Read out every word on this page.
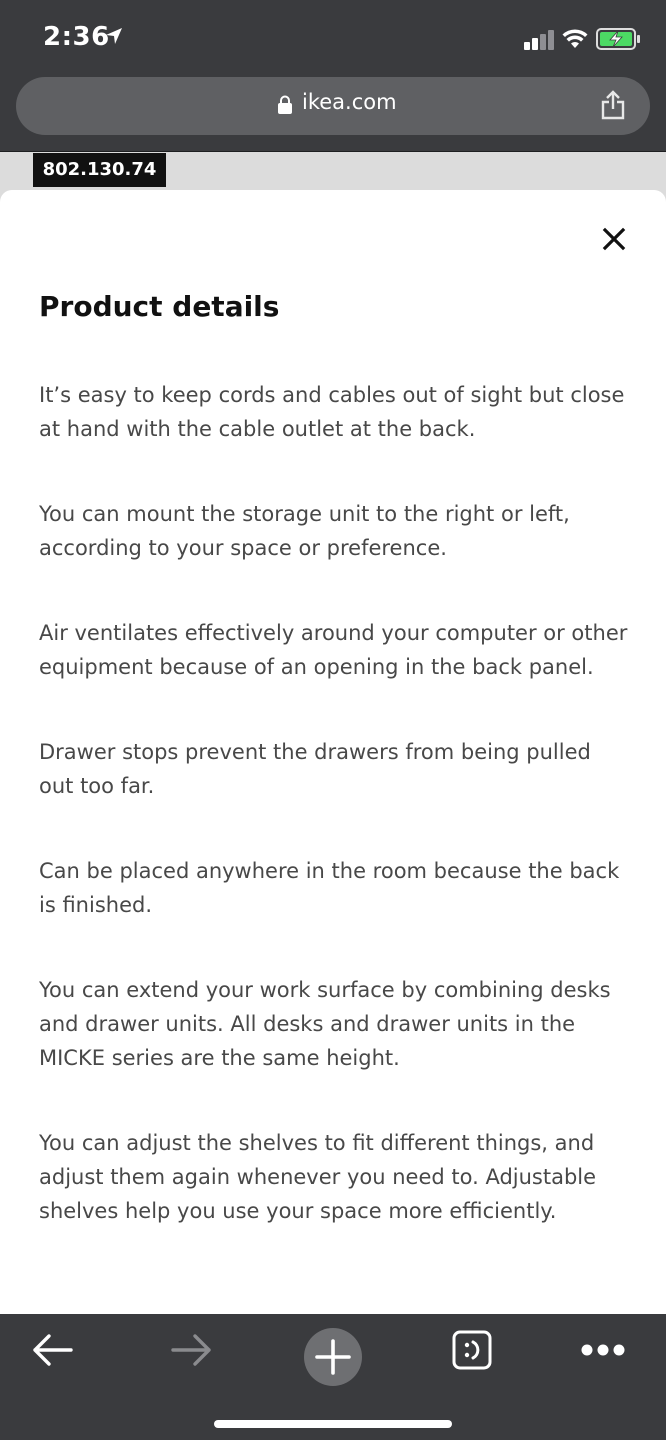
2:36
ikea.com
802.130.74
Product details

It’s easy to keep cords and cables out of sight but close at hand with the cable outlet at the back.

You can mount the storage unit to the right or left, according to your space or preference.

Air ventilates effectively around your computer or other equipment because of an opening in the back panel.

Drawer stops prevent the drawers from being pulled out too far.

Can be placed anywhere in the room because the back is finished.

You can extend your work surface by combining desks and drawer units. All desks and drawer units in the MICKE series are the same height.

You can adjust the shelves to fit different things, and adjust them again whenever you need to. Adjustable shelves help you use your space more efficiently.
